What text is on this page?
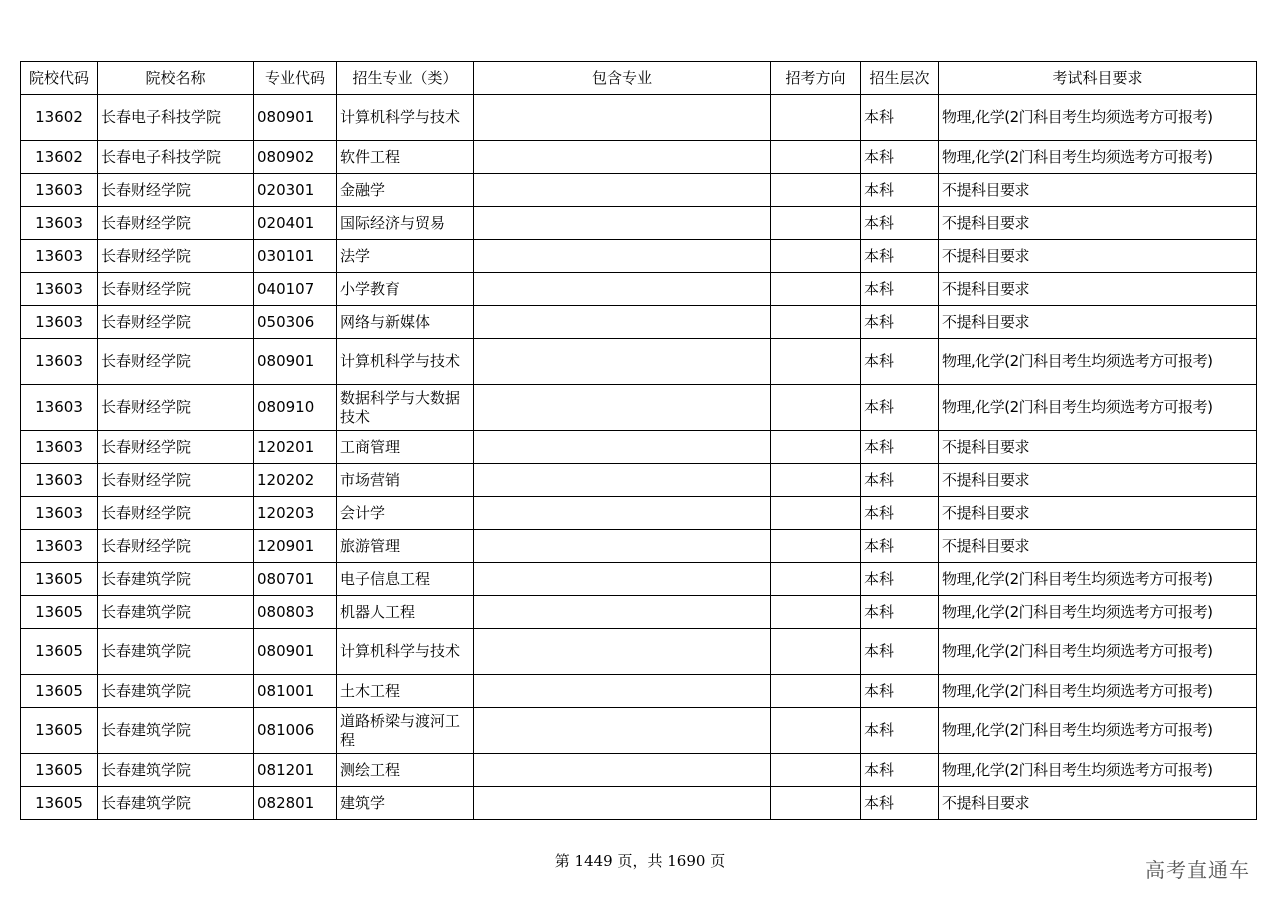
院校代码	院校名称	专业代码	招生专业（类）	包含专业	招考方向	招生层次	考试科目要求
13602	长春电子科技学院	080901	计算机科学与技术			本科	物理,化学(2门科目考生均须选考方可报考)
13602	长春电子科技学院	080902	软件工程			本科	物理,化学(2门科目考生均须选考方可报考)
13603	长春财经学院	020301	金融学			本科	不提科目要求
13603	长春财经学院	020401	国际经济与贸易			本科	不提科目要求
13603	长春财经学院	030101	法学			本科	不提科目要求
13603	长春财经学院	040107	小学教育			本科	不提科目要求
13603	长春财经学院	050306	网络与新媒体			本科	不提科目要求
13603	长春财经学院	080901	计算机科学与技术			本科	物理,化学(2门科目考生均须选考方可报考)
13603	长春财经学院	080910	数据科学与大数据技术			本科	物理,化学(2门科目考生均须选考方可报考)
13603	长春财经学院	120201	工商管理			本科	不提科目要求
13603	长春财经学院	120202	市场营销			本科	不提科目要求
13603	长春财经学院	120203	会计学			本科	不提科目要求
13603	长春财经学院	120901	旅游管理			本科	不提科目要求
13605	长春建筑学院	080701	电子信息工程			本科	物理,化学(2门科目考生均须选考方可报考)
13605	长春建筑学院	080803	机器人工程			本科	物理,化学(2门科目考生均须选考方可报考)
13605	长春建筑学院	080901	计算机科学与技术			本科	物理,化学(2门科目考生均须选考方可报考)
13605	长春建筑学院	081001	土木工程			本科	物理,化学(2门科目考生均须选考方可报考)
13605	长春建筑学院	081006	道路桥梁与渡河工程			本科	物理,化学(2门科目考生均须选考方可报考)
13605	长春建筑学院	081201	测绘工程			本科	物理,化学(2门科目考生均须选考方可报考)
13605	长春建筑学院	082801	建筑学			本科	不提科目要求
第 1449 页，共 1690 页	高考直通车
